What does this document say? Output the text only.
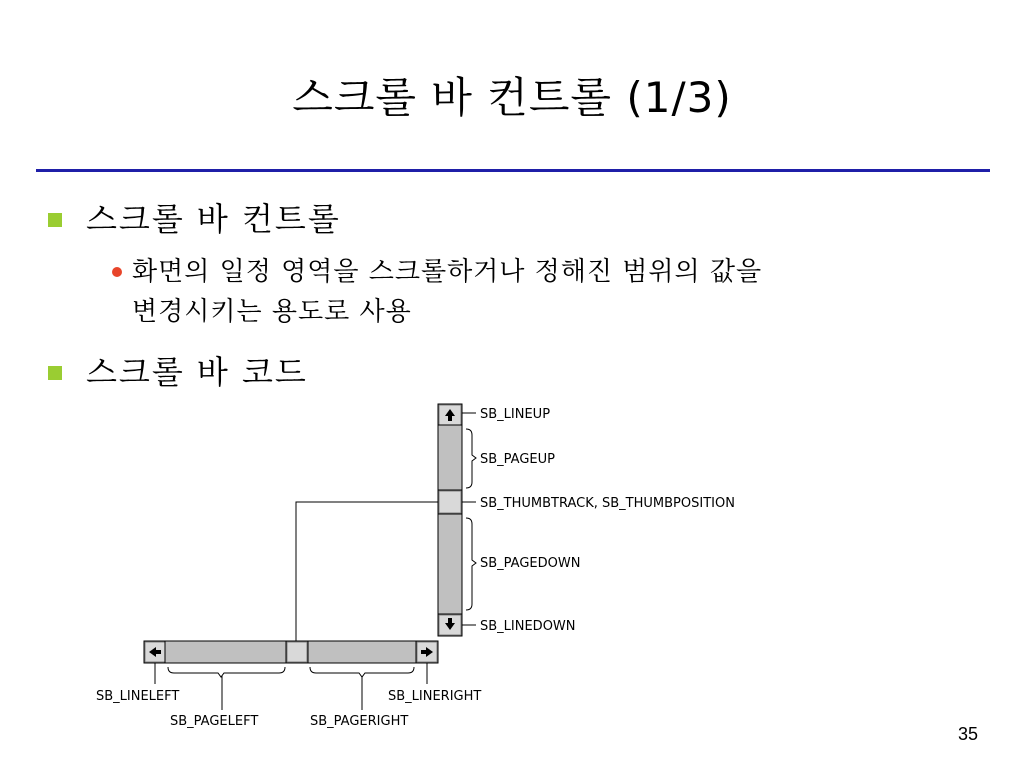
스크롤 바 컨트롤 (1/3)
스크롤 바 컨트롤
화면의 일정 영역을 스크롤하거나 정해진 범위의 값을
변경시키는 용도로 사용
스크롤 바 코드
SB_LINEUP
SB_PAGEUP
SB_THUMBTRACK, SB_THUMBPOSITION
SB_PAGEDOWN
SB_LINEDOWN
SB_LINELEFT
SB_PAGELEFT	SB_PAGERIGHT
SB_LINERIGHT
35
